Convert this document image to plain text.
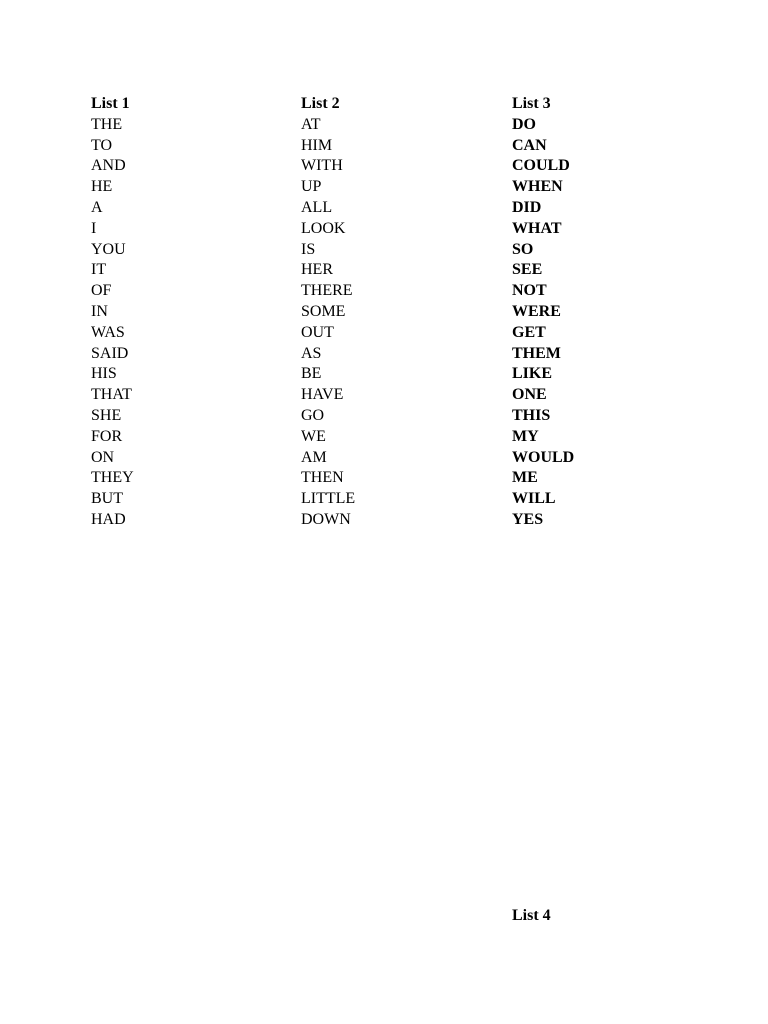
List 1
THE
TO
AND
HE
A
I
YOU
IT
OF
IN
WAS
SAID
HIS
THAT
SHE
FOR
ON
THEY
BUT
HAD
List 2
AT
HIM
WITH
UP
ALL
LOOK
IS
HER
THERE
SOME
OUT
AS
BE
HAVE
GO
WE
AM
THEN
LITTLE
DOWN
List 3
DO
CAN
COULD
WHEN
DID
WHAT
SO
SEE
NOT
WERE
GET
THEM
LIKE
ONE
THIS
MY
WOULD
ME
WILL
YES
List 4
